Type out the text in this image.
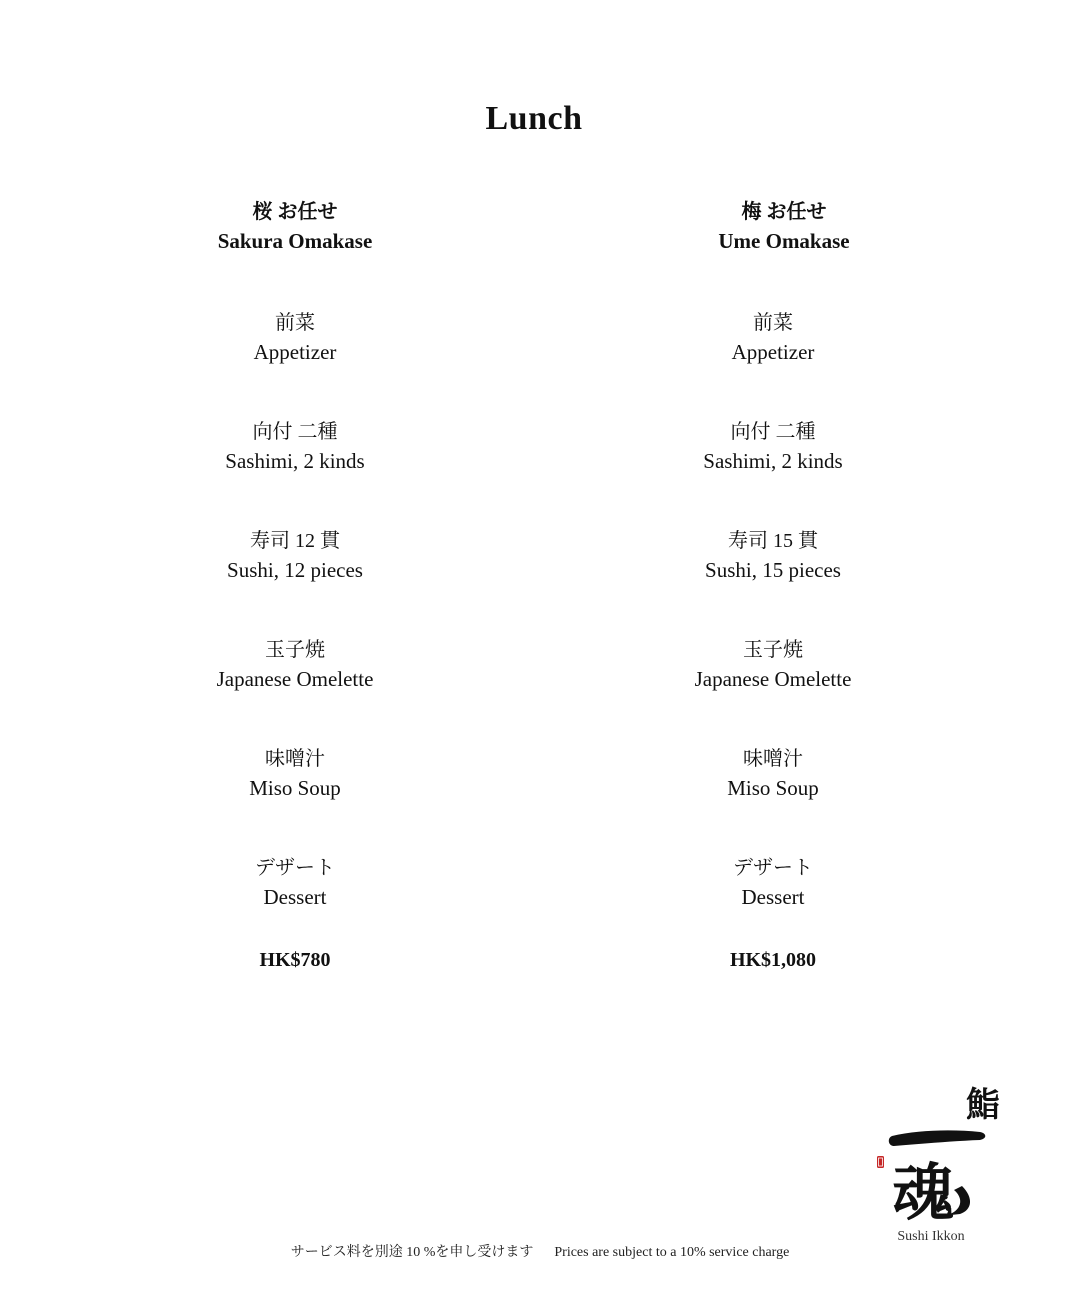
Lunch
桜 お任せ
Sakura Omakase
前菜
Appetizer
向付 二種
Sashimi, 2 kinds
寿司 12 貫
Sushi, 12 pieces
玉子焼
Japanese Omelette
味噌汁
Miso Soup
デザート
Dessert
HK$780
梅 お任せ
Ume Omakase
前菜
Appetizer
向付 二種
Sashimi, 2 kinds
寿司 15 貫
Sushi, 15 pieces
玉子焼
Japanese Omelette
味噌汁
Miso Soup
デザート
Dessert
HK$1,080
鮨
魂
Sushi Ikkon
サービス料を別途 10 %を申し受けます Prices are subject to a 10% service charge
